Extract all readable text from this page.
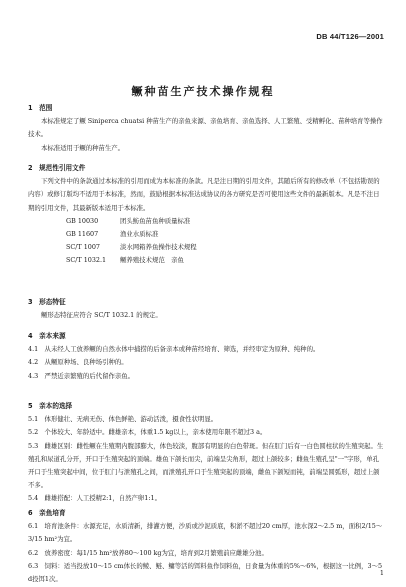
DB 44/T126—2001
鳜种苗生产技术操作规程
1　范围
本标准规定了鳜 Siniperca chuatsi 种苗生产的亲鱼来源、亲鱼培育、亲鱼选择、人工繁殖、受精孵化、苗种培育等操作技术。
本标准适用于鳜的种苗生产。
2　规范性引用文件
下列文件中的条款通过本标准的引用而成为本标准的条款。凡是注日期的引用文件，其随后所有的修改单（不包括勘误的内容）或修订版均不适用于本标准，然而，鼓励根据本标准达成协议的各方研究是否可使用这些文件的最新版本。凡是不注日期的引用文件，其最新版本适用于本标准。
GB 10030	团头鲂鱼苗鱼种质量标准
GB 11607	渔业水质标准
SC/T 1007	淡水网箱养鱼操作技术规程
SC/T 1032.1	鳜养殖技术规范　亲鱼
3　形态特征
鳜形态特征应符合 SC/T 1032.1 的规定。
4　亲本来源
4.1　从未经人工放养鳜的自然水体中捕捞的后备亲本或种苗经培育、筛选，并经审定为原种、纯种的。
4.2　从鳜原种场、良种场引种的。
4.3　严禁近亲繁殖的后代留作亲鱼。
5　亲本的选择
5.1　体形健壮、无病无伤、体色鲜艳、游动活泼，摄食性状明显。
5.2　个体较大、年龄适中。雌雄亲本，体重1.5 kg以上，亲本使用年限不超过3 a。
5.3　雌雄区别：雌性鳜在生殖期内腹部膨大，体色较淡，腹部有明显的白色带斑。但在肛门后有一白色圆柱状的生殖突起。生殖孔和尿道孔分开，开口于生殖突起的顶端。雄鱼下颌长而尖，前端呈尖角形，超过上颌较多；雌鱼生殖孔呈"一"字形，单孔开口于生殖突起中间，位于肛门与泄殖孔之间，而泄殖孔开口于生殖突起的顶端，雌鱼下颌短而钝，前端呈圆弧形，超过上颌不多。
5.4　雌雄搭配：人工授精2:1，自然产卵1:1。
6　亲鱼培育
6.1　培育池条件：水源充足，水质清新，排灌方便，沙质或沙泥质底，积淤不超过20 cm厚，池水深2～2.5 m，面积2/15～3/15 hm²为宜。
6.2　放养密度：每1/15 hm²放养80～100 kg为宜，培育到2月繁殖前应雌雄分池。
6.3　饲料：适当投放10～15 cm体长的鲮、鲢、鳙等活的饵料鱼作饲料鱼，日食量为体重的5%～6%，根据这一比例，3～5 d投饵1次。
1
